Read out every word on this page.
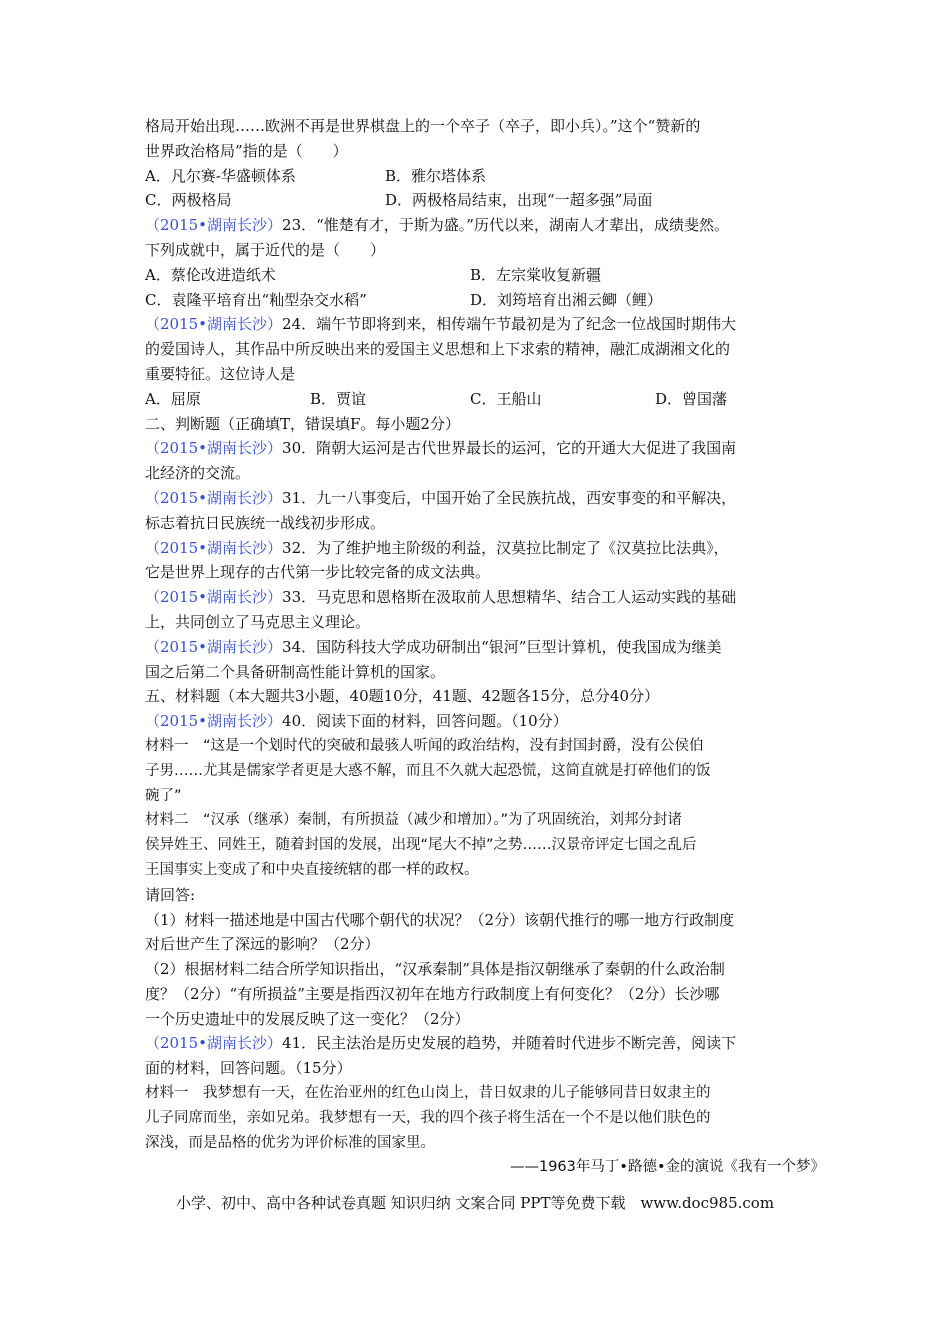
格局开始出现……欧洲不再是世界棋盘上的一个卒子（卒子，即小兵）。”这个“赞新的
世界政治格局”指的是（　　）
A．凡尔赛-华盛顿体系	B．雅尔塔体系
C．两极格局	D．两极格局结束，出现“一超多强”局面
（2015•湖南长沙）23．“惟楚有才，于斯为盛。”历代以来，湖南人才辈出，成绩斐然。
下列成就中，属于近代的是（　　）
A．蔡伦改进造纸术	B．左宗棠收复新疆
C．袁隆平培育出“籼型杂交水稻”	D．刘筠培育出湘云鲫（鲤）
（2015•湖南长沙）24．端午节即将到来，相传端午节最初是为了纪念一位战国时期伟大
的爱国诗人，其作品中所反映出来的爱国主义思想和上下求索的精神，融汇成湖湘文化的
重要特征。这位诗人是
A．屈原	B．贾谊	C．王船山	D．曾国藩
二、判断题（正确填T，错误填F。每小题2分）
（2015•湖南长沙）30．隋朝大运河是古代世界最长的运河，它的开通大大促进了我国南
北经济的交流。
（2015•湖南长沙）31．九一八事变后，中国开始了全民族抗战，西安事变的和平解决，
标志着抗日民族统一战线初步形成。
（2015•湖南长沙）32．为了维护地主阶级的利益，汉莫拉比制定了《汉莫拉比法典》，
它是世界上现存的古代第一步比较完备的成文法典。
（2015•湖南长沙）33．马克思和恩格斯在汲取前人思想精华、结合工人运动实践的基础
上，共同创立了马克思主义理论。
（2015•湖南长沙）34．国防科技大学成功研制出“银河”巨型计算机，使我国成为继美
国之后第二个具备研制高性能计算机的国家。
五、材料题（本大题共3小题，40题10分，41题、42题各15分，总分40分）
（2015•湖南长沙）40．阅读下面的材料，回答问题。（10分）
材料一　“这是一个划时代的突破和最骇人听闻的政治结构，没有封国封爵，没有公侯伯
子男……尤其是儒家学者更是大惑不解，而且不久就大起恐慌，这简直就是打碎他们的饭
碗了”
材料二　“汉承（继承）秦制，有所损益（减少和增加）。”为了巩固统治，刘邦分封诸
侯异姓王、同姓王，随着封国的发展，出现“尾大不掉”之势……汉景帝评定七国之乱后
王国事实上变成了和中央直接统辖的郡一样的政权。
请回答:
（1）材料一描述地是中国古代哪个朝代的状况？（2分）该朝代推行的哪一地方行政制度
对后世产生了深远的影响？（2分）
（2）根据材料二结合所学知识指出，“汉承秦制”具体是指汉朝继承了秦朝的什么政治制
度？（2分）“有所损益”主要是指西汉初年在地方行政制度上有何变化？（2分）长沙哪
一个历史遗址中的发展反映了这一变化？（2分）
（2015•湖南长沙）41．民主法治是历史发展的趋势，并随着时代进步不断完善，阅读下
面的材料，回答问题。（15分）
材料一　我梦想有一天，在佐治亚州的红色山岗上，昔日奴隶的儿子能够同昔日奴隶主的
儿子同席而坐，亲如兄弟。我梦想有一天，我的四个孩子将生活在一个不是以他们肤色的
深浅，而是品格的优劣为评价标准的国家里。
——1963年马丁•路德•金的演说《我有一个梦》
小学、初中、高中各种试卷真题 知识归纳 文案合同 PPT等免费下载　www.doc985.com
